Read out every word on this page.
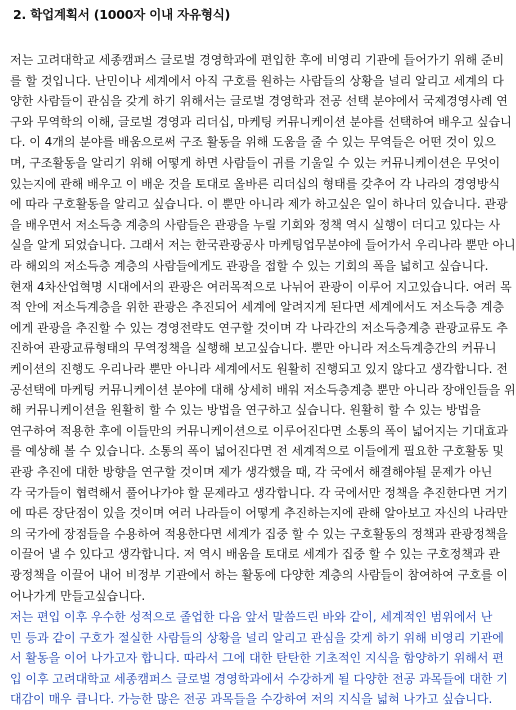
2. 학업계획서 (1000자 이내 자유형식)
저는 고려대학교 세종캠퍼스 글로벌 경영학과에 편입한 후에 비영리 기관에 들어가기 위해 준비
를 할 것입니다. 난민이나 세계에서 아직 구호를 원하는 사람들의 상황을 널리 알리고 세계의 다
양한 사람들이 관심을 갖게 하기 위해서는 글로벌 경영학과 전공 선택 분야에서 국제경영사례 연
구와 무역학의 이해, 글로벌 경영과 리더십, 마케팅 커뮤니케이션 분야를 선택하여 배우고 싶습니
다. 이 4개의 분야를 배움으로써 구조 활동을 위해 도움을 줄 수 있는 무역들은 어떤 것이 있으
며, 구조활동을 알리기 위해 어떻게 하면 사람들이 귀를 기울일 수 있는 커뮤니케이션은 무엇이
있는지에 관해 배우고 이 배운 것을 토대로 올바른 리더십의 형태를 갖추어 각 나라의 경영방식
에 따라 구호활동을 알리고 싶습니다. 이 뿐만 아니라 제가 하고싶은 일이 하나더 있습니다. 관광
을 배우면서 저소득층 계층의 사람들은 관광을 누릴 기회와 정책 역시 실행이 더디고 있다는 사
실을 알게 되었습니다. 그래서 저는 한국관광공사 마케팅업무분야에 들어가서 우리나라 뿐만 아니
라 해외의 저소득층 계층의 사람들에게도 관광을 접할 수 있는 기회의 폭을 넓히고 싶습니다.
현재 4차산업혁명 시대에서의 관광은 여러목적으로 나뉘어 관광이 이루어 지고있습니다. 여러 목
적 안에 저소득계층을 위한 관광은 추진되어 세계에 알려지게 된다면 세계에서도 저소득층 계층
에게 관광을 추진할 수 있는 경영전략도 연구할 것이며 각 나라간의 저소득층계층 관광교류도 추
진하여 관광교류형태의 무역정책을 실행해 보고싶습니다. 뿐만 아니라 저소득계층간의 커뮤니
케이션의 진행도 우리나라 뿐만 아니라 세계에서도 원활히 진행되고 있지 않다고 생각합니다. 전
공선택에 마케팅 커뮤니케이션 분야에 대해 상세히 배워 저소득층계층 뿐만 아니라 장애인들을 위
해 커뮤니케이션을 원활히 할 수 있는 방법을 연구하고 싶습니다. 원활히 할 수 있는 방법을
연구하여 적용한 후에 이들만의 커뮤니케이션으로 이루어진다면 소통의 폭이 넓어지는 기대효과
를 예상해 볼 수 있습니다. 소통의 폭이 넓어진다면 전 세계적으로 이들에게 필요한 구호활동 및
관광 추진에 대한 방향을 연구할 것이며 제가 생각했을 때, 각 국에서 해결해야될 문제가 아닌
각 국가들이 협력해서 풀어나가야 할 문제라고 생각합니다. 각 국에서만 정책을 추진한다면 거기
에 따른 장단점이 있을 것이며 여러 나라들이 어떻게 추진하는지에 관해 알아보고 자신의 나라만
의 국가에 장점들을 수용하여 적용한다면 세계가 집중 할 수 있는 구호활동의 정책과 관광정책을
이끌어 낼 수 있다고 생각합니다. 저 역시 배움을 토대로 세계가 집중 할 수 있는 구호정책과 관
광정책을 이끌어 내어 비정부 기관에서 하는 활동에 다양한 계층의 사람들이 참여하여 구호를 이
어나가게 만들고싶습니다.
저는 편입 이후 우수한 성적으로 졸업한 다음 앞서 말씀드린 바와 같이, 세계적인 범위에서 난
민 등과 같이 구호가 절실한 사람들의 상황을 널리 알리고 관심을 갖게 하기 위해 비영리 기관에
서 활동을 이어 나가고자 합니다. 따라서 그에 대한 탄탄한 기초적인 지식을 함양하기 위해서 편
입 이후 고려대학교 세종캠퍼스 글로벌 경영학과에서 수강하게 될 다양한 전공 과목들에 대한 기
대감이 매우 큽니다. 가능한 많은 전공 과목들을 수강하여 저의 지식을 넓혀 나가고 싶습니다.
